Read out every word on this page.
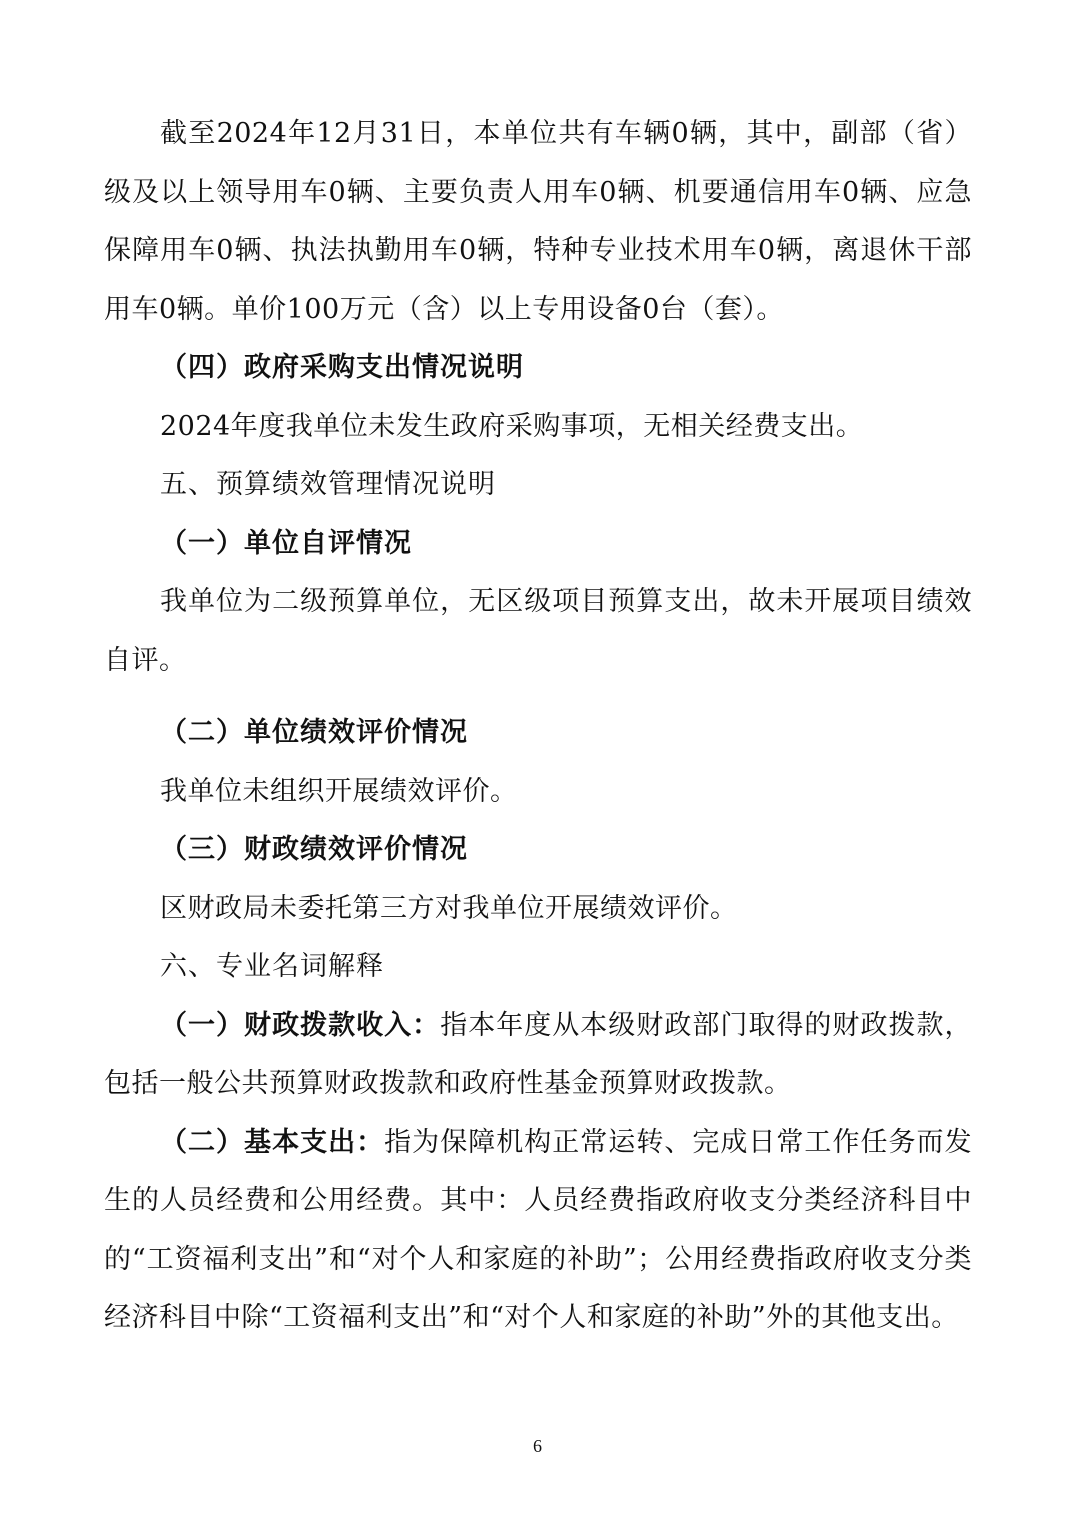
截至2024年12月31日，本单位共有车辆0辆，其中，副部（省）级及以上领导用车0辆、主要负责人用车0辆、机要通信用车0辆、应急保障用车0辆、执法执勤用车0辆，特种专业技术用车0辆，离退休干部用车0辆。单价100万元（含）以上专用设备0台（套）。

（四）政府采购支出情况说明

2024年度我单位未发生政府采购事项，无相关经费支出。

五、预算绩效管理情况说明

（一）单位自评情况

我单位为二级预算单位，无区级项目预算支出，故未开展项目绩效自评。

（二）单位绩效评价情况

我单位未组织开展绩效评价。

（三）财政绩效评价情况

区财政局未委托第三方对我单位开展绩效评价。

六、专业名词解释

（一）财政拨款收入：指本年度从本级财政部门取得的财政拨款，包括一般公共预算财政拨款和政府性基金预算财政拨款。

（二）基本支出：指为保障机构正常运转、完成日常工作任务而发生的人员经费和公用经费。其中：人员经费指政府收支分类经济科目中的“工资福利支出”和“对个人和家庭的补助”；公用经费指政府收支分类经济科目中除“工资福利支出”和“对个人和家庭的补助”外的其他支出。

6
